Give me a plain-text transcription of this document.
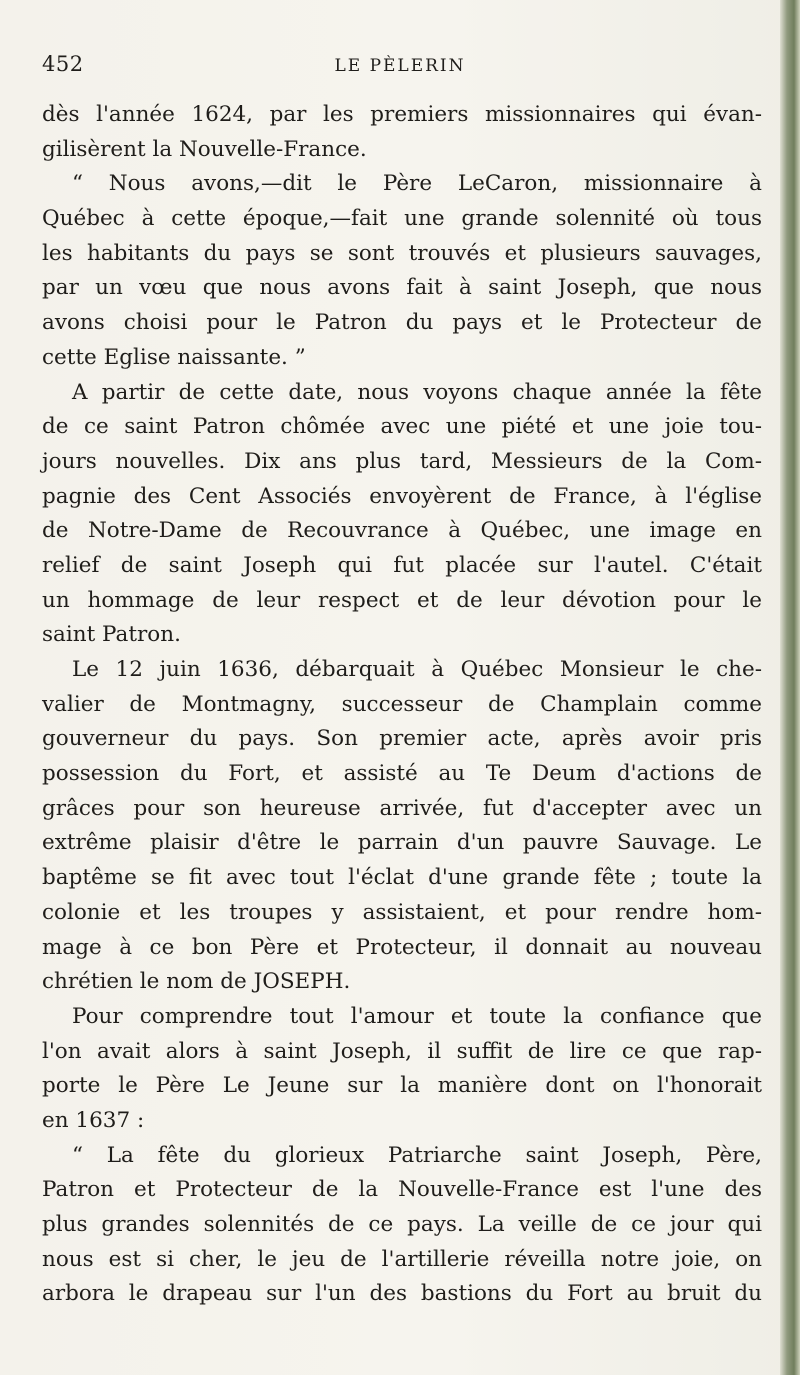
452	LE PÈLERIN
dès l'année 1624, par les premiers missionnaires qui évan-
gilisèrent la Nouvelle-France.
“ Nous avons,—dit le Père LeCaron, missionnaire à
Québec à cette époque,—fait une grande solennité où tous
les habitants du pays se sont trouvés et plusieurs sauvages,
par un vœu que nous avons fait à saint Joseph, que nous
avons choisi pour le Patron du pays et le Protecteur de
cette Eglise naissante. ”
A partir de cette date, nous voyons chaque année la fête
de ce saint Patron chômée avec une piété et une joie tou-
jours nouvelles. Dix ans plus tard, Messieurs de la Com-
pagnie des Cent Associés envoyèrent de France, à l'église
de Notre-Dame de Recouvrance à Québec, une image en
relief de saint Joseph qui fut placée sur l'autel. C'était
un hommage de leur respect et de leur dévotion pour le
saint Patron.
Le 12 juin 1636, débarquait à Québec Monsieur le che-
valier de Montmagny, successeur de Champlain comme
gouverneur du pays. Son premier acte, après avoir pris
possession du Fort, et assisté au Te Deum d'actions de
grâces pour son heureuse arrivée, fut d'accepter avec un
extrême plaisir d'être le parrain d'un pauvre Sauvage. Le
baptême se fit avec tout l'éclat d'une grande fête ; toute la
colonie et les troupes y assistaient, et pour rendre hom-
mage à ce bon Père et Protecteur, il donnait au nouveau
chrétien le nom de JOSEPH.
Pour comprendre tout l'amour et toute la confiance que
l'on avait alors à saint Joseph, il suffit de lire ce que rap-
porte le Père Le Jeune sur la manière dont on l'honorait
en 1637 :
“ La fête du glorieux Patriarche saint Joseph, Père,
Patron et Protecteur de la Nouvelle-France est l'une des
plus grandes solennités de ce pays. La veille de ce jour qui
nous est si cher, le jeu de l'artillerie réveilla notre joie, on
arbora le drapeau sur l'un des bastions du Fort au bruit du
